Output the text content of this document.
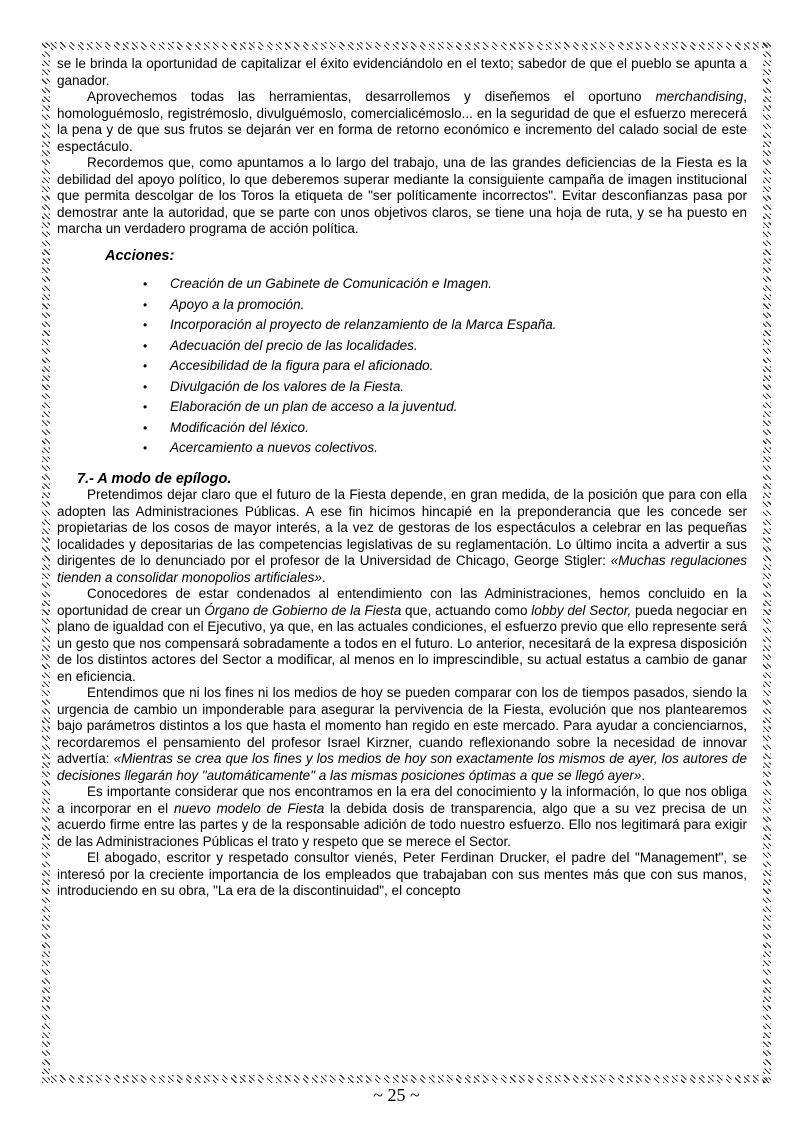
se le brinda la oportunidad de capitalizar el éxito evidenciándolo en el texto; sabedor de que el pueblo se apunta a ganador.

Aprovechemos todas las herramientas, desarrollemos y diseñemos el oportuno merchandising, homologuémoslo, registrémoslo, divulguémoslo, comercialicémoslo... en la seguridad de que el esfuerzo merecerá la pena y de que sus frutos se dejarán ver en forma de retorno económico e incremento del calado social de este espectáculo.

Recordemos que, como apuntamos a lo largo del trabajo, una de las grandes deficiencias de la Fiesta es la debilidad del apoyo político, lo que deberemos superar mediante la consiguiente campaña de imagen institucional que permita descolgar de los Toros la etiqueta de "ser políticamente incorrectos". Evitar desconfianzas pasa por demostrar ante la autoridad, que se parte con unos objetivos claros, se tiene una hoja de ruta, y se ha puesto en marcha un verdadero programa de acción política.

Acciones:
• Creación de un Gabinete de Comunicación e Imagen.
• Apoyo a la promoción.
• Incorporación al proyecto de relanzamiento de la Marca España.
• Adecuación del precio de las localidades.
• Accesibilidad de la figura para el aficionado.
• Divulgación de los valores de la Fiesta.
• Elaboración de un plan de acceso a la juventud.
• Modificación del léxico.
• Acercamiento a nuevos colectivos.
7.- A modo de epílogo.

Pretendimos dejar claro que el futuro de la Fiesta depende, en gran medida, de la posición que para con ella adopten las Administraciones Públicas. A ese fin hicimos hincapié en la preponderancia que les concede ser propietarias de los cosos de mayor interés, a la vez de gestoras de los espectáculos a celebrar en las pequeñas localidades y depositarias de las competencias legislativas de su reglamentación. Lo último incita a advertir a sus dirigentes de lo denunciado por el profesor de la Universidad de Chicago, George Stigler: «Muchas regulaciones tienden a consolidar monopolios artificiales».

Conocedores de estar condenados al entendimiento con las Administraciones, hemos concluido en la oportunidad de crear un Órgano de Gobierno de la Fiesta que, actuando como lobby del Sector, pueda negociar en plano de igualdad con el Ejecutivo, ya que, en las actuales condiciones, el esfuerzo previo que ello represente será un gesto que nos compensará sobradamente a todos en el futuro. Lo anterior, necesitará de la expresa disposición de los distintos actores del Sector a modificar, al menos en lo imprescindible, su actual estatus a cambio de ganar en eficiencia.

Entendimos que ni los fines ni los medios de hoy se pueden comparar con los de tiempos pasados, siendo la urgencia de cambio un imponderable para asegurar la pervivencia de la Fiesta, evolución que nos plantearemos bajo parámetros distintos a los que hasta el momento han regido en este mercado. Para ayudar a concienciarnos, recordaremos el pensamiento del profesor Israel Kirzner, cuando reflexionando sobre la necesidad de innovar advertía: «Mientras se crea que los fines y los medios de hoy son exactamente los mismos de ayer, los autores de decisiones llegarán hoy "automáticamente" a las mismas posiciones óptimas a que se llegó ayer».

Es importante considerar que nos encontramos en la era del conocimiento y la información, lo que nos obliga a incorporar en el nuevo modelo de Fiesta la debida dosis de transparencia, algo que a su vez precisa de un acuerdo firme entre las partes y de la responsable adición de todo nuestro esfuerzo. Ello nos legitimará para exigir de las Administraciones Públicas el trato y respeto que se merece el Sector.

El abogado, escritor y respetado consultor vienés, Peter Ferdinan Drucker, el padre del "Management", se interesó por la creciente importancia de los empleados que trabajaban con sus mentes más que con sus manos, introduciendo en su obra, "La era de la discontinuidad", el concepto

~ 25 ~
